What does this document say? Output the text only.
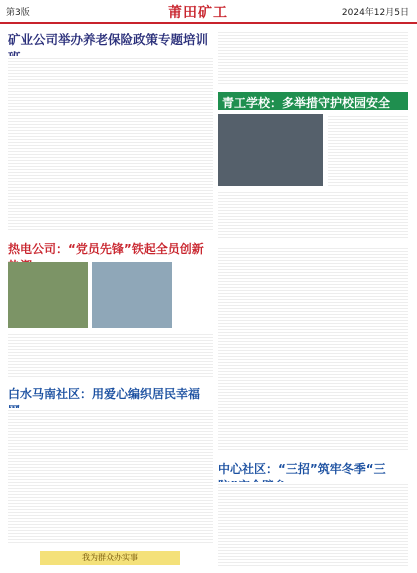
第3版	莆田矿工	2024年12月5日
矿业公司举办养老保险政策专题培训
青工学校：多举措守护校园安全
热电公司：“党员先锋”铁起全员创新
白水马南社区：用爱心编织居民幸福
中心社区：“三招”筑牢冬季“三
我为群众办实事
